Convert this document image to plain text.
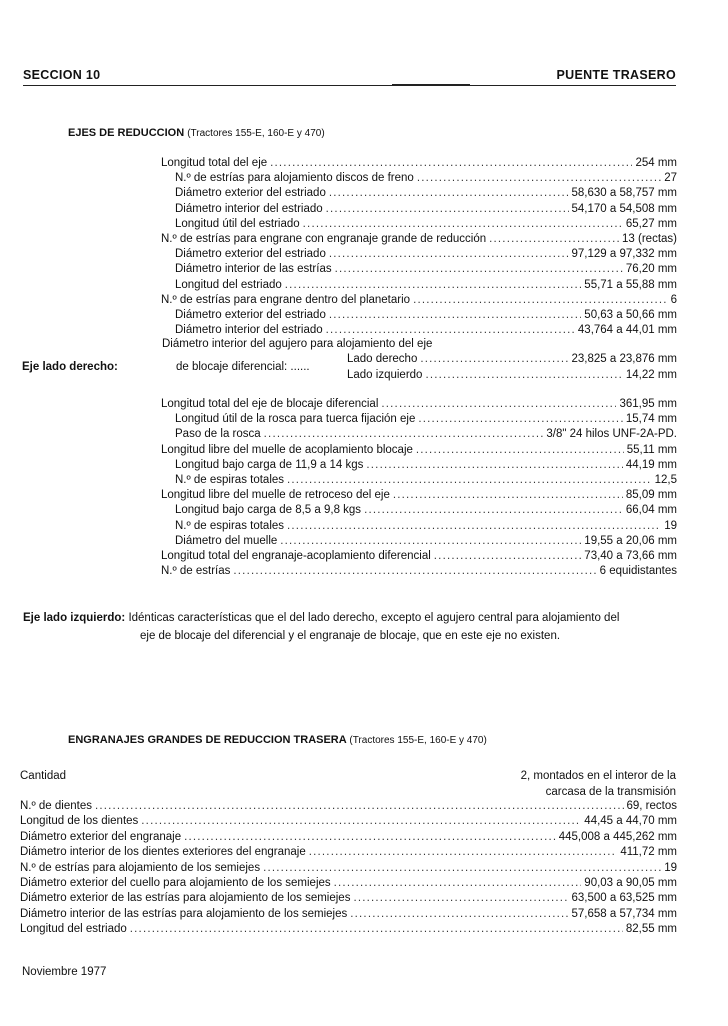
SECCION 10	PUENTE TRASERO
EJES DE REDUCCION (Tractores 155-E, 160-E y 470)
Eje lado derecho:
Longitud total del eje . . .	254 mm
N.º de estrías para alojamiento discos de freno . . .	27
Diámetro exterior del estriado . . .	58,630 a 58,757 mm
Diámetro interior del estriado . . .	54,170 a 54,508 mm
Longitud útil del estriado . . .	65,27 mm
N.º de estrías para engrane con engranaje grande de reducción . . .	13 (rectas)
Diámetro exterior del estriado . . .	97,129 a 97,332 mm
Diámetro interior de las estrías . . .	76,20 mm
Longitud del estriado . . .	55,71 a 55,88 mm
N.º de estrías para engrane dentro del planetario . . .	6
Diámetro exterior del estriado . . .	50,63 a 50,66 mm
Diámetro interior del estriado . . .	43,764 a 44,01 mm
Diámetro interior del agujero para alojamiento del eje
de blocaje diferencial: ......
Lado derecho . . .	23,825 a 23,876 mm
Lado izquierdo . . .	14,22 mm
Longitud total del eje de blocaje diferencial . . .	361,95 mm
Longitud útil de la rosca para tuerca fijación eje . . .	15,74 mm
Paso de la rosca . . .	3/8" 24 hilos UNF-2A-PD.
Longitud libre del muelle de acoplamiento blocaje . . .	55,11 mm
Longitud bajo carga de 11,9 a 14 kgs . . .	44,19 mm
N.º de espiras totales . . .	12,5
Longitud libre del muelle de retroceso del eje . . .	85,09 mm
Longitud bajo carga de 8,5 a 9,8 kgs . . .	66,04 mm
N.º de espiras totales . . .	19
Diámetro del muelle . . .	19,55 a 20,06 mm
Longitud total del engranaje-acoplamiento diferencial . . .	73,40 a 73,66 mm
N.º de estrías . . .	6 equidistantes
Eje lado izquierdo: Idénticas características que el del lado derecho, excepto el agujero central para alojamiento del
eje de blocaje del diferencial y el engranaje de blocaje, que en este eje no existen.
ENGRANAJES GRANDES DE REDUCCION TRASERA (Tractores 155-E, 160-E y 470)
Cantidad	2, montados en el interor de la
carcasa de la transmisión
N.º de dientes . . .	69, rectos
Longitud de los dientes . . .	44,45 a 44,70 mm
Diámetro exterior del engranaje . . .	445,008 a 445,262 mm
Diámetro interior de los dientes exteriores del engranaje . . .	411,72 mm
N.º de estrías para alojamiento de los semiejes . . .	19
Diámetro exterior del cuello para alojamiento de los semiejes . . .	90,03 a 90,05 mm
Diámetro exterior de las estrías para alojamiento de los semiejes . . .	63,500 a 63,525 mm
Diámetro interior de las estrías para alojamiento de los semiejes . . .	57,658 a 57,734 mm
Longitud del estriado . . .	82,55 mm
Noviembre 1977
